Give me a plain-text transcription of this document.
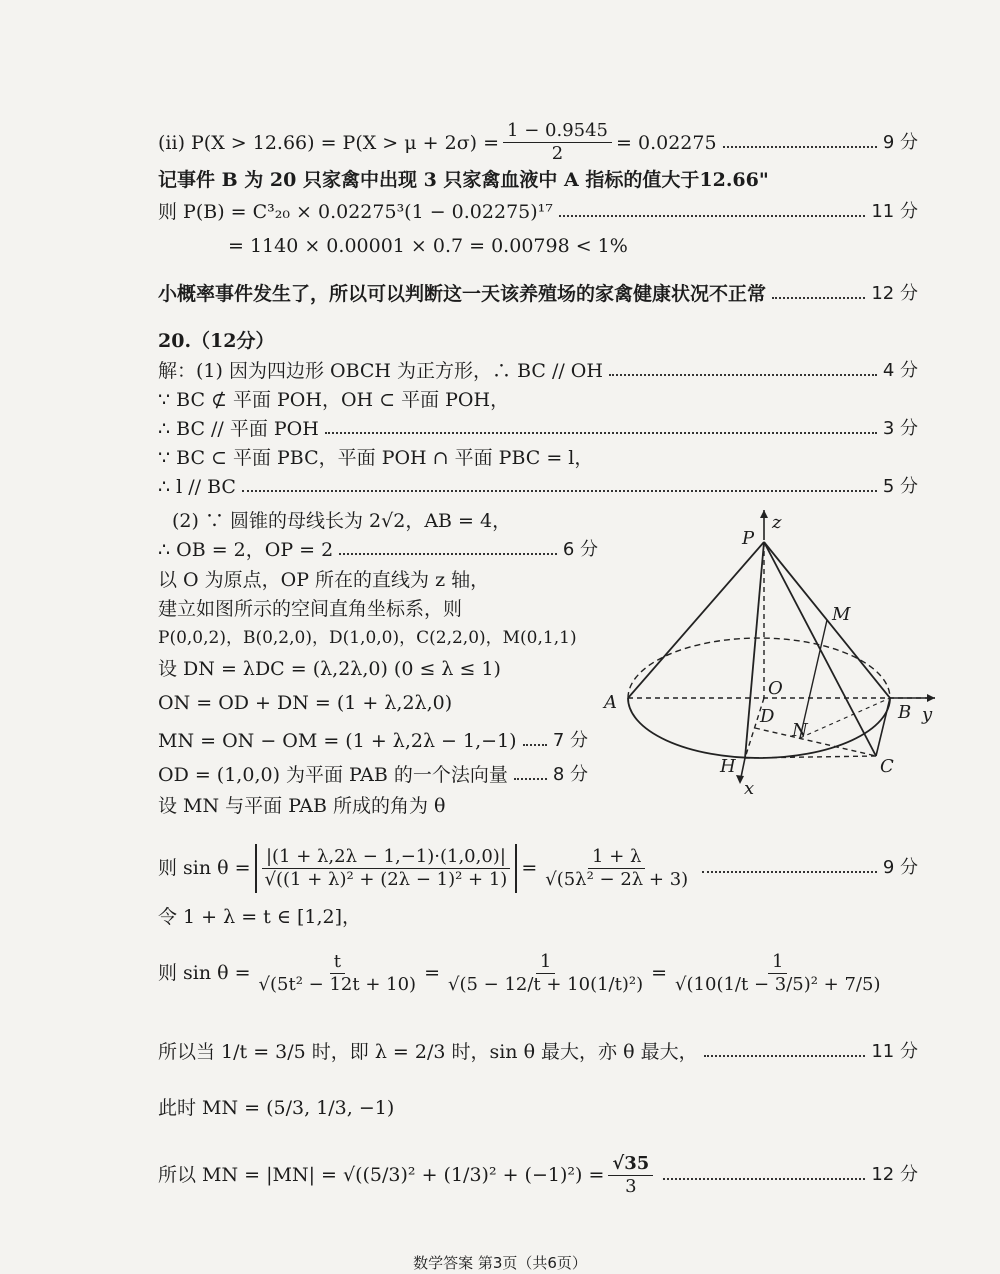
(ii) $P(X > 12.66) = P(X > \mu + 2\sigma) = \frac{1 - 0.9545}{2} = 0.02275$	9 分
记事件 B 为 20 只家禽中出现 3 只家禽血液中 A 指标的值大于12.66"
则 P(B) = C³₂₀ × 0.02275³(1 − 0.02275)¹⁷	11 分
= 1140 × 0.00001 × 0.7 = 0.00798 < 1%
小概率事件发生了，所以可以判断这一天该养殖场的家禽健康状况不正常	12 分
20.（12分）
解：(1) 因为四边形 OBCH 为正方形，∴ BC // OH	4 分
∵ BC ⊄ 平面 POH，OH ⊂ 平面 POH，
∴ BC // 平面 POH	3 分
∵ BC ⊂ 平面 PBC，平面 POH ∩ 平面 PBC = l，
∴ l // BC	5 分
(2) ∵ 圆锥的母线长为 2√2，AB = 4，
∴ OB = 2，OP = 2	6 分
以 O 为原点，OP 所在的直线为 z 轴，
建立如图所示的空间直角坐标系，则
P(0,0,2)，B(0,2,0)，D(1,0,0)，C(2,2,0)，M(0,1,1)
设 DN = λDC = (λ,2λ,0) (0 ≤ λ ≤ 1)
ON = OD + DN = (1 + λ,2λ,0)
MN = ON − OM = (1 + λ,2λ − 1,−1) 7 分
OD = (1,0,0) 为平面 PAB 的一个法向量 8 分
设 MN 与平面 PAB 所成的角为 θ
则 $\sin \theta = \frac{|(1 + \lambda,2\lambda - 1,-1)\cdot(1,0,0)|}{\text{√((1 + λ)² + (2λ − 1)² + 1)}} = \frac{1 + \lambda}{\text{√(5λ² − 2λ + 3)}}$	9 分
令 1 + λ = t ∈ [1,2]，
则 $\sin \theta = \frac{t}{\text{√(5t² − 12t + 10)}} = \frac{1}{\text{√(5 − 12/t + 10(1/t)²)}} = \frac{1}{\text{√(10(1/t − 3/5)² + 7/5)}}$
所以当 1/t = 3/5 时，即 λ = 2/3 时，sin θ 最大，亦 θ 最大，	11 分
此时 MN = (5/3, 1/3, −1)
所以 MN = $|MN| = √((5/3)^2 + (1/3)^2 + (-1)^2) = \frac{√35}{3}$	12 分
P
z
M
O
D
N
A	B y
C
H
x
数学答案 第3页（共6页）
